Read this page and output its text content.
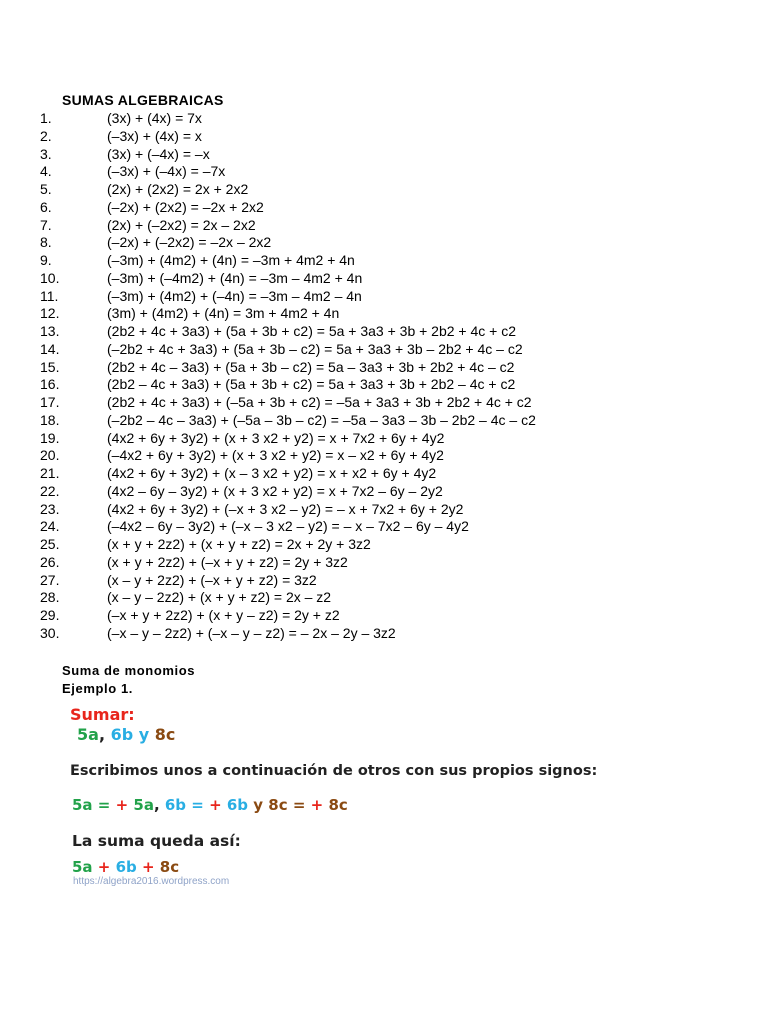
SUMAS ALGEBRAICAS
1.	(3x) + (4x) = 7x
2.	(–3x) + (4x) = x
3.	(3x) + (–4x) = –x
4.	(–3x) + (–4x) = –7x
5.	(2x) + (2x2) = 2x + 2x2
6.	(–2x) + (2x2) = –2x + 2x2
7.	(2x) + (–2x2) = 2x – 2x2
8.	(–2x) + (–2x2) = –2x – 2x2
9.	(–3m) + (4m2) + (4n) = –3m + 4m2 + 4n
10.	(–3m) + (–4m2) + (4n) = –3m – 4m2 + 4n
11.	(–3m) + (4m2) + (–4n) = –3m – 4m2 – 4n
12.	(3m) + (4m2) + (4n) = 3m + 4m2 + 4n
13.	(2b2 + 4c + 3a3) + (5a + 3b + c2) = 5a + 3a3 + 3b + 2b2 + 4c + c2
14.	(–2b2 + 4c + 3a3) + (5a + 3b – c2) = 5a + 3a3 + 3b – 2b2 + 4c – c2
15.	(2b2 + 4c – 3a3) + (5a + 3b – c2) = 5a – 3a3 + 3b + 2b2 + 4c – c2
16.	(2b2 – 4c + 3a3) + (5a + 3b + c2) = 5a + 3a3 + 3b + 2b2 – 4c + c2
17.	(2b2 + 4c + 3a3) + (–5a + 3b + c2) = –5a + 3a3 + 3b + 2b2 + 4c + c2
18.	(–2b2 – 4c – 3a3) + (–5a – 3b – c2) = –5a – 3a3 – 3b – 2b2 – 4c – c2
19.	(4x2 + 6y + 3y2) + (x + 3 x2 + y2) = x + 7x2 + 6y + 4y2
20.	(–4x2 + 6y + 3y2) + (x + 3 x2 + y2) = x – x2 + 6y + 4y2
21.	(4x2 + 6y + 3y2) + (x – 3 x2 + y2) = x + x2 + 6y + 4y2
22.	(4x2 – 6y – 3y2) + (x + 3 x2 + y2) = x + 7x2 – 6y – 2y2
23.	(4x2 + 6y + 3y2) + (–x + 3 x2 – y2) = – x + 7x2 + 6y + 2y2
24.	(–4x2 – 6y – 3y2) + (–x – 3 x2 – y2) = – x – 7x2 – 6y – 4y2
25.	(x + y + 2z2) + (x + y + z2) = 2x + 2y + 3z2
26.	(x + y + 2z2) + (–x + y + z2) = 2y + 3z2
27.	(x – y + 2z2) + (–x + y + z2) = 3z2
28.	(x – y – 2z2) + (x + y + z2) = 2x – z2
29.	(–x + y + 2z2) + (x + y – z2) = 2y + z2
30.	(–x – y – 2z2) + (–x – y – z2) = – 2x – 2y – 3z2
Suma de monomios
Ejemplo 1.
Sumar:
5a, 6b y 8c
Escribimos unos a continuación de otros con sus propios signos:
5a = + 5a, 6b = + 6b y 8c = + 8c
La suma queda así:
5a + 6b + 8c
https://algebra2016.wordpress.com
